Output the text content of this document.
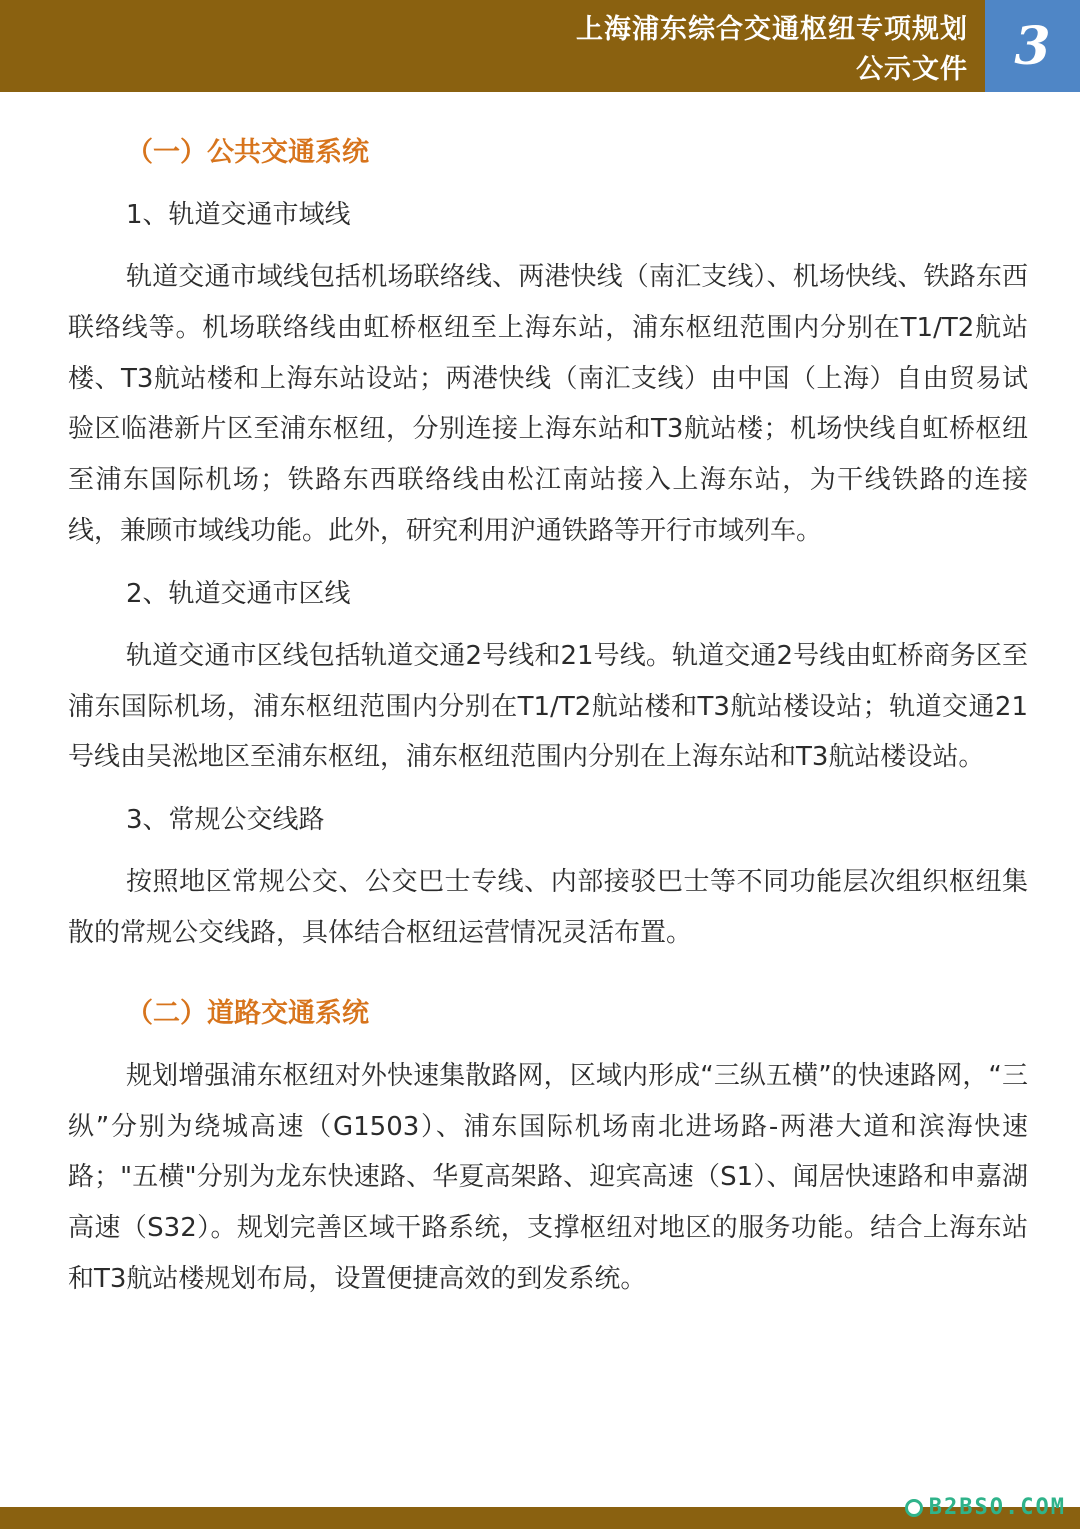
上海浦东综合交通枢纽专项规划
公示文件 3
（一）公共交通系统
1、轨道交通市域线

轨道交通市域线包括机场联络线、两港快线（南汇支线）、机场快线、铁路东西联络线等。机场联络线由虹桥枢纽至上海东站，浦东枢纽范围内分别在T1/T2航站楼、T3航站楼和上海东站设站；两港快线（南汇支线）由中国（上海）自由贸易试验区临港新片区至浦东枢纽，分别连接上海东站和T3航站楼；机场快线自虹桥枢纽至浦东国际机场；铁路东西联络线由松江南站接入上海东站，为干线铁路的连接线，兼顾市域线功能。此外，研究利用沪通铁路等开行市域列车。

2、轨道交通市区线

轨道交通市区线包括轨道交通2号线和21号线。轨道交通2号线由虹桥商务区至浦东国际机场，浦东枢纽范围内分别在T1/T2航站楼和T3航站楼设站；轨道交通21号线由吴淞地区至浦东枢纽，浦东枢纽范围内分别在上海东站和T3航站楼设站。

3、常规公交线路

按照地区常规公交、公交巴士专线、内部接驳巴士等不同功能层次组织枢纽集散的常规公交线路，具体结合枢纽运营情况灵活布置。

（二）道路交通系统

规划增强浦东枢纽对外快速集散路网，区域内形成“三纵五横”的快速路网，“三纵”分别为绕城高速（G1503）、浦东国际机场南北进场路-两港大道和滨海快速路；"五横"分别为龙东快速路、华夏高架路、迎宾高速（S1）、闻居快速路和申嘉湖高速（S32）。规划完善区域干路系统，支撑枢纽对地区的服务功能。结合上海东站和T3航站楼规划布局，设置便捷高效的到发系统。

B2BSO.COM
